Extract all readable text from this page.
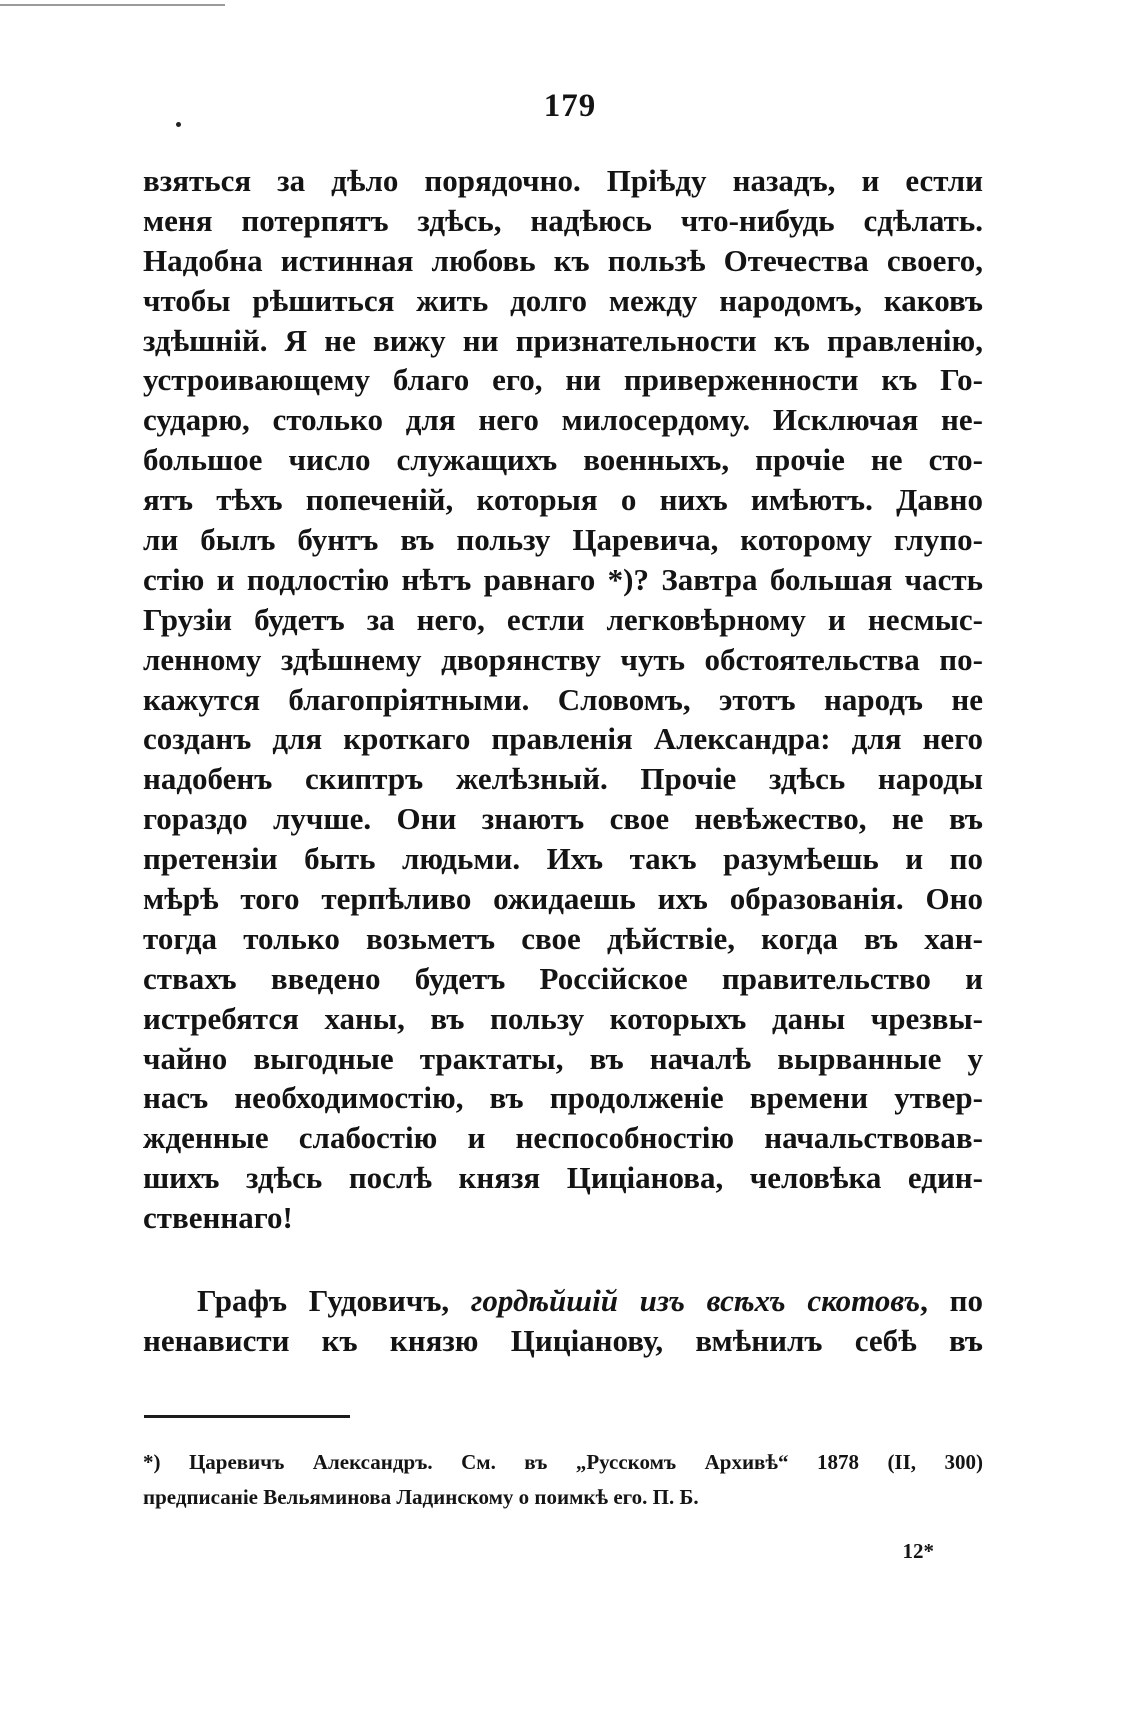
179
взяться за дѣло порядочно. Пріѣду назадъ, и естли
меня потерпятъ здѣсь, надѣюсь что-нибудь сдѣлать.
Надобна истинная любовь къ пользѣ Отечества своего,
чтобы рѣшиться жить долго между народомъ, каковъ
здѣшній. Я не вижу ни признательности къ правленію,
устроивающему благо его, ни приверженности къ Го-
сударю, столько для него милосердому. Исключая не-
большое число служащихъ военныхъ, прочіе не сто-
ятъ тѣхъ попеченій, которыя о нихъ имѣютъ. Давно
ли былъ бунтъ въ пользу Царевича, которому глупо-
стію и подлостію нѣтъ равнаго *)? Завтра большая часть
Грузіи будетъ за него, естли легковѣрному и несмыс-
ленному здѣшнему дворянству чуть обстоятельства по-
кажутся благопріятными. Словомъ, этотъ народъ не
созданъ для кроткаго правленія Александра: для него
надобенъ скиптръ желѣзный. Прочіе здѣсь народы
гораздо лучше. Они знаютъ свое невѣжество, не въ
претензіи быть людьми. Ихъ такъ разумѣешь и по
мѣрѣ того терпѣливо ожидаешь ихъ образованія. Оно
тогда только возьметъ свое дѣйствіе, когда въ хан-
ствахъ введено будетъ Россійское правительство и
истребятся ханы, въ пользу которыхъ даны чрезвы-
чайно выгодные трактаты, въ началѣ вырванные у
насъ необходимостію, въ продолженіе времени утвер-
жденные слабостію и неспособностію начальствовав-
шихъ здѣсь послѣ князя Циціанова, человѣка един-
ственнаго!
Графъ Гудовичъ, гордѣйшій изъ всѣхъ скотовъ, по
ненависти къ князю Циціанову, вмѣнилъ себѣ въ
*) Царевичъ Александръ. См. въ „Русскомъ Архивѣ“ 1878 (II, 300)
предписаніе Вельяминова Ладинскому о поимкѣ его. П. Б.
12*
